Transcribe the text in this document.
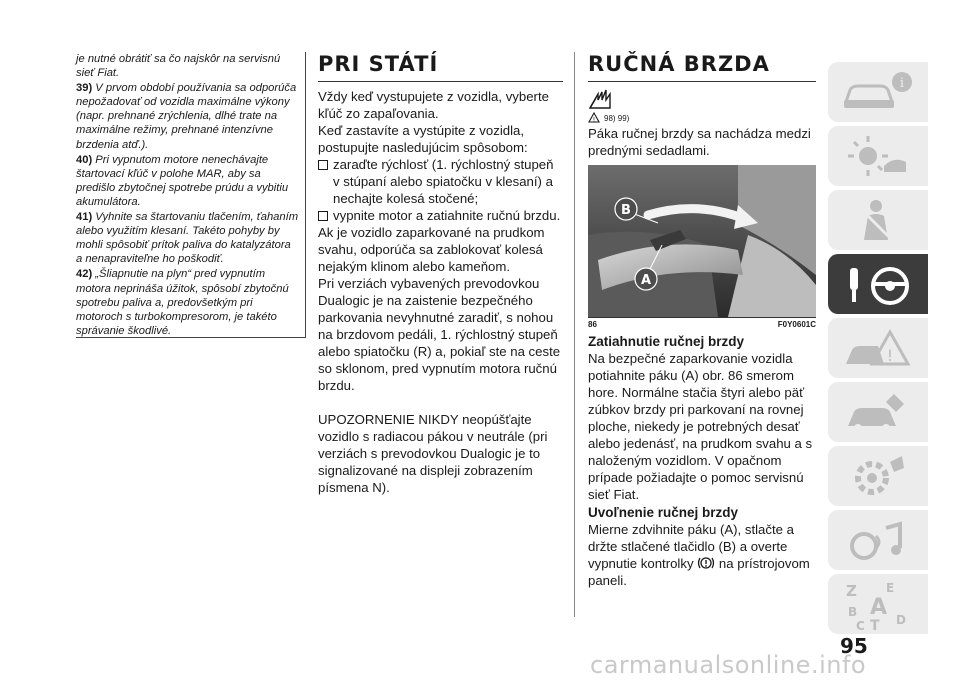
je nutné obrátiť sa čo najskôr na servisnú sieť Fiat.

39) V prvom období používania sa odporúča nepožadovať od vozidla maximálne výkony (napr. prehnané zrýchlenia, dlhé trate na maximálne režimy, prehnané intenzívne brzdenia atď.).

40) Pri vypnutom motore nenechávajte štartovací kľúč v polohe MAR, aby sa predišlo zbytočnej spotrebe prúdu a vybitiu akumulátora.

41) Vyhnite sa štartovaniu tlačením, ťahaním alebo využitím klesaní. Takéto pohyby by mohli spôsobiť prítok paliva do katalyzátora a nenapraviteľne ho poškodiť.

42) „Šliapnutie na plyn“ pred vypnutím motora neprináša úžitok, spôsobí zbytočnú spotrebu paliva a, predovšetkým pri motoroch s turbokompresorom, je takéto správanie škodlivé.

PRI STÁTÍ

Vždy keď vystupujete z vozidla, vyberte kľúč zo zapaľovania.

Keď zastavíte a vystúpite z vozidla, postupujte nasledujúcim spôsobom:

zaraďte rýchlosť (1. rýchlostný stupeň v stúpaní alebo spiatočku v klesaní) a nechajte kolesá stočené;
vypnite motor a zatiahnite ručnú brzdu.

Ak je vozidlo zaparkované na prudkom svahu, odporúča sa zablokovať kolesá nejakým klinom alebo kameňom.

Pri verziách vybavených prevodovkou Dualogic je na zaistenie bezpečného parkovania nevyhnutné zaradiť, s nohou na brzdovom pedáli, 1. rýchlostný stupeň alebo spiatočku (R) a, pokiaľ ste na ceste so sklonom, pred vypnutím motora ručnú brzdu.

UPOZORNENIE NIKDY neopúšťajte vozidlo s radiacou pákou v neutrále (pri verziách s prevodovkou Dualogic je to signalizované na displeji zobrazením písmena N).

RUČNÁ BRZDA
! 98) 99)

Páka ručnej brzdy sa nachádza medzi prednými sedadlami.

B
A
86	F0Y0601C
Zatiahnutie ručnej brzdy

Na bezpečné zaparkovanie vozidla potiahnite páku (A) obr. 86 smerom hore. Normálne stačia štyri alebo päť zúbkov brzdy pri parkovaní na rovnej ploche, niekedy je potrebných desať alebo jedenásť, na prudkom svahu a s naloženým vozidlom. V opačnom prípade požiadajte o pomoc servisnú sieť Fiat.

Uvoľnenie ručnej brzdy

Mierne zdvihnite páku (A), stlačte a držte stlačené tlačidlo (B) a overte vypnutie kontrolky na prístrojovom paneli.

i
!
Z E
B A
C T D
95
carmanualsonline.info
